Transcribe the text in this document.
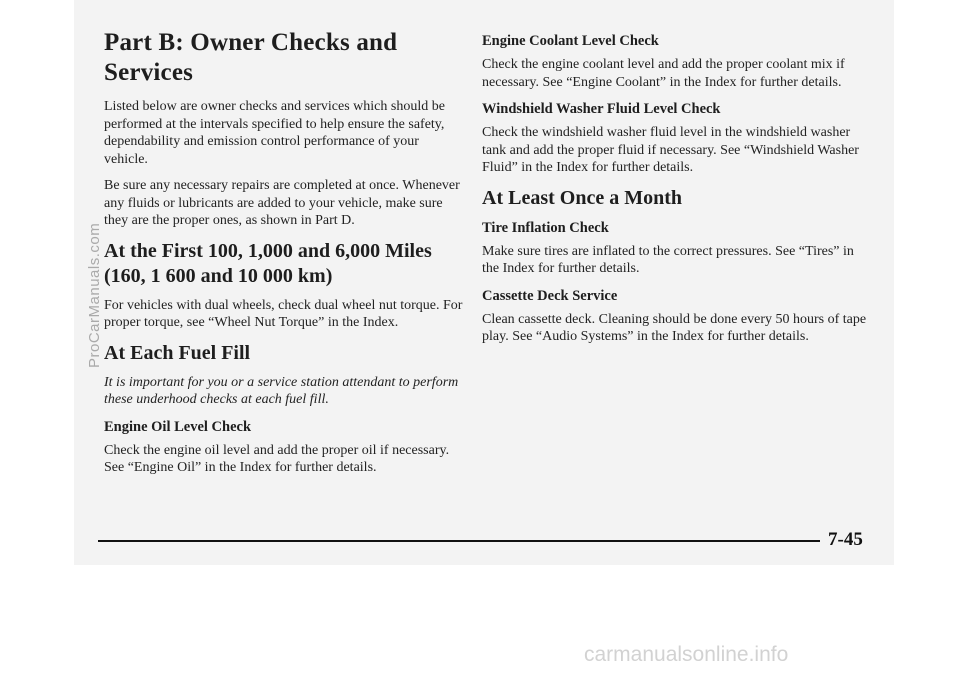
Part B: Owner Checks and Services

Listed below are owner checks and services which should be performed at the intervals specified to help ensure the safety, dependability and emission control performance of your vehicle.

Be sure any necessary repairs are completed at once. Whenever any fluids or lubricants are added to your vehicle, make sure they are the proper ones, as shown in Part D.

At the First 100, 1,000 and 6,000 Miles (160, 1 600 and 10 000 km)

For vehicles with dual wheels, check dual wheel nut torque. For proper torque, see “Wheel Nut Torque” in the Index.

At Each Fuel Fill

It is important for you or a service station attendant to perform these underhood checks at each fuel fill.

Engine Oil Level Check

Check the engine oil level and add the proper oil if necessary. See “Engine Oil” in the Index for further details.

Engine Coolant Level Check

Check the engine coolant level and add the proper coolant mix if necessary. See “Engine Coolant” in the Index for further details.

Windshield Washer Fluid Level Check

Check the windshield washer fluid level in the windshield washer tank and add the proper fluid if necessary. See “Windshield Washer Fluid” in the Index for further details.

At Least Once a Month
Tire Inflation Check

Make sure tires are inflated to the correct pressures. See “Tires” in the Index for further details.

Cassette Deck Service

Clean cassette deck. Cleaning should be done every 50 hours of tape play. See “Audio Systems” in the Index for further details.

7-45
ProCarManuals.com
carmanualsonline.info
